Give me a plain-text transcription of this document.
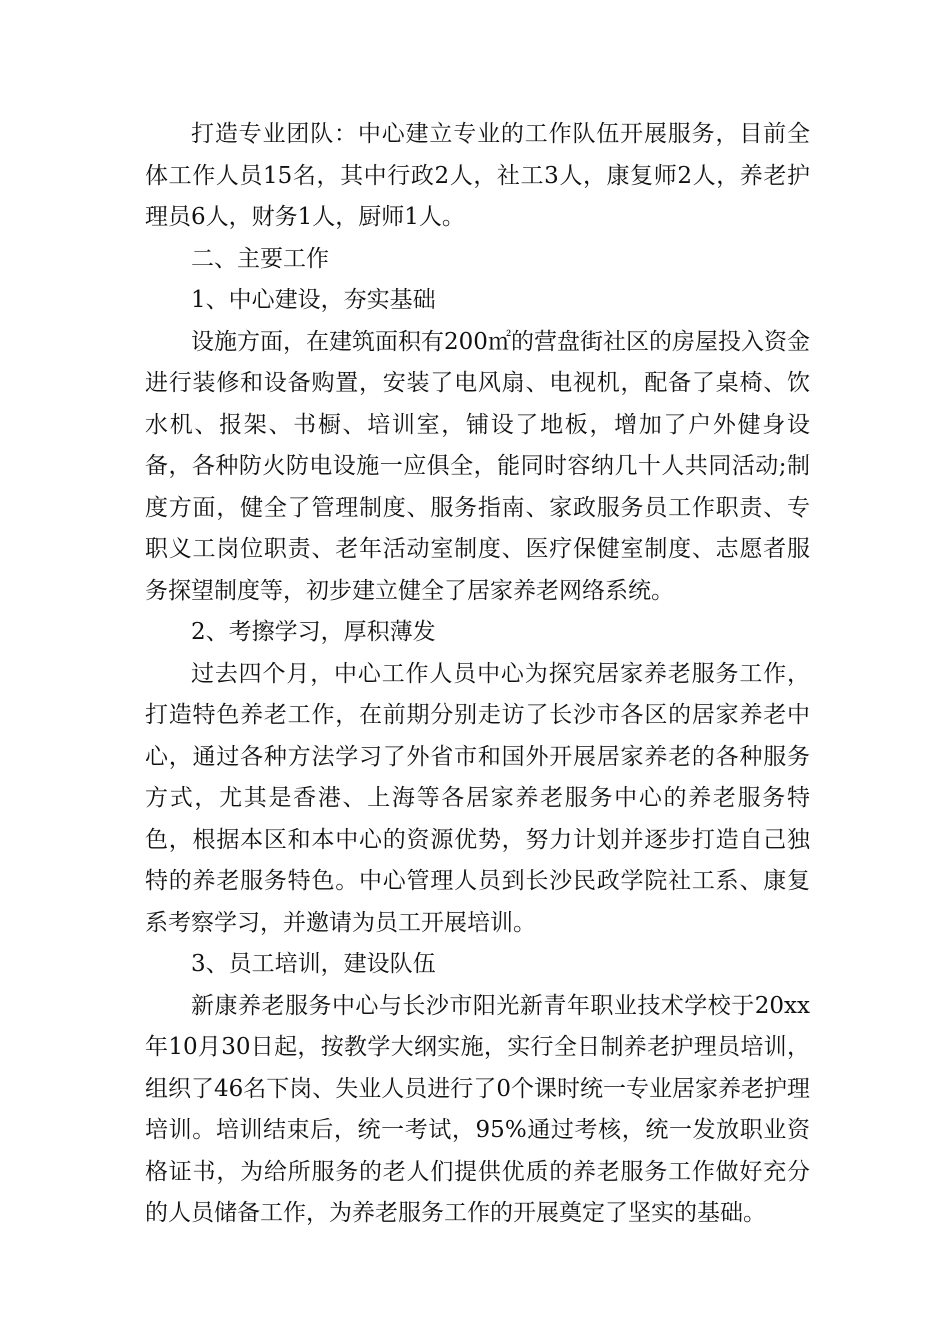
打造专业团队：中心建立专业的工作队伍开展服务，目前全体工作人员15名，其中行政2人，社工3人，康复师2人，养老护理员6人，财务1人，厨师1人。

二、主要工作

1、中心建设，夯实基础

设施方面，在建筑面积有200㎡的营盘街社区的房屋投入资金进行装修和设备购置，安装了电风扇、电视机，配备了桌椅、饮水机、报架、书橱、培训室，铺设了地板，增加了户外健身设备，各种防火防电设施一应俱全，能同时容纳几十人共同活动;制度方面，健全了管理制度、服务指南、家政服务员工作职责、专职义工岗位职责、老年活动室制度、医疗保健室制度、志愿者服务探望制度等，初步建立健全了居家养老网络系统。

2、考擦学习，厚积薄发

过去四个月，中心工作人员中心为探究居家养老服务工作，打造特色养老工作，在前期分别走访了长沙市各区的居家养老中心，通过各种方法学习了外省市和国外开展居家养老的各种服务方式，尤其是香港、上海等各居家养老服务中心的养老服务特色，根据本区和本中心的资源优势，努力计划并逐步打造自己独特的养老服务特色。中心管理人员到长沙民政学院社工系、康复系考察学习，并邀请为员工开展培训。

3、员工培训，建设队伍

新康养老服务中心与长沙市阳光新青年职业技术学校于20xx年10月30日起，按教学大纲实施，实行全日制养老护理员培训，组织了46名下岗、失业人员进行了0个课时统一专业居家养老护理培训。培训结束后，统一考试，95%通过考核，统一发放职业资格证书，为给所服务的老人们提供优质的养老服务工作做好充分的人员储备工作，为养老服务工作的开展奠定了坚实的基础。
